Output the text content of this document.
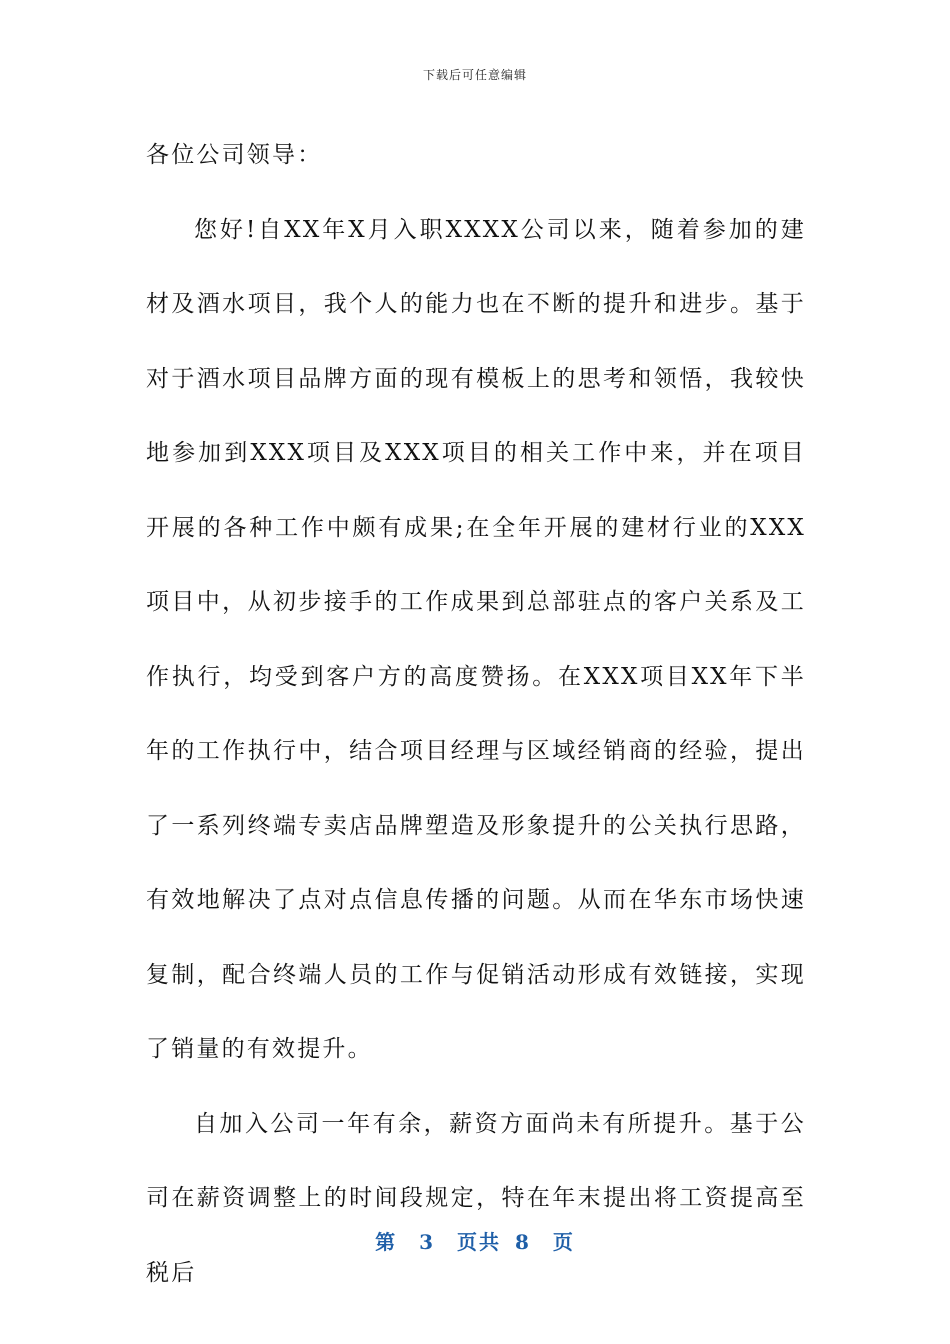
下载后可任意编辑

各位公司领导：

您好!自XX年X月入职XXXX公司以来，随着参加的建材及酒水项目，我个人的能力也在不断的提升和进步。基于对于酒水项目品牌方面的现有模板上的思考和领悟，我较快地参加到XXX项目及XXX项目的相关工作中来，并在项目开展的各种工作中颇有成果;在全年开展的建材行业的XXX项目中，从初步接手的工作成果到总部驻点的客户关系及工作执行，均受到客户方的高度赞扬。在XXX项目XX年下半年的工作执行中，结合项目经理与区域经销商的经验，提出了一系列终端专卖店品牌塑造及形象提升的公关执行思路，有效地解决了点对点信息传播的问题。从而在华东市场快速复制，配合终端人员的工作与促销活动形成有效链接，实现了销量的有效提升。

自加入公司一年有余，薪资方面尚未有所提升。基于公司在薪资调整上的时间段规定，特在年末提出将工资提高至税后

第 3 页共 8 页
